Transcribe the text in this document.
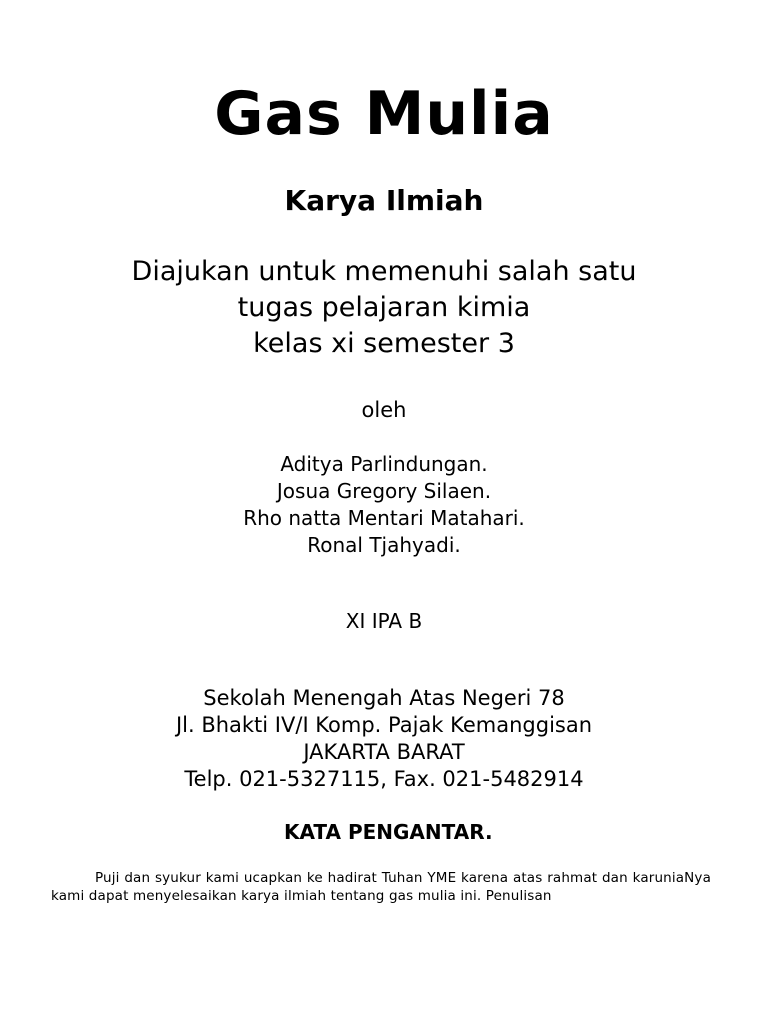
Gas Mulia
Karya Ilmiah

Diajukan untuk memenuhi salah satu
tugas pelajaran kimia
kelas xi semester 3

oleh

Aditya Parlindungan.
Josua Gregory Silaen.
Rho natta Mentari Matahari.
Ronal Tjahyadi.

XI IPA B

Sekolah Menengah Atas Negeri 78
Jl. Bhakti IV/I Komp. Pajak Kemanggisan
JAKARTA BARAT
Telp. 021-5327115, Fax. 021-5482914

KATA PENGANTAR.

Puji dan syukur kami ucapkan ke hadirat Tuhan YME karena atas rahmat dan karuniaNya kami dapat menyelesaikan karya ilmiah tentang gas mulia ini. Penulisan
